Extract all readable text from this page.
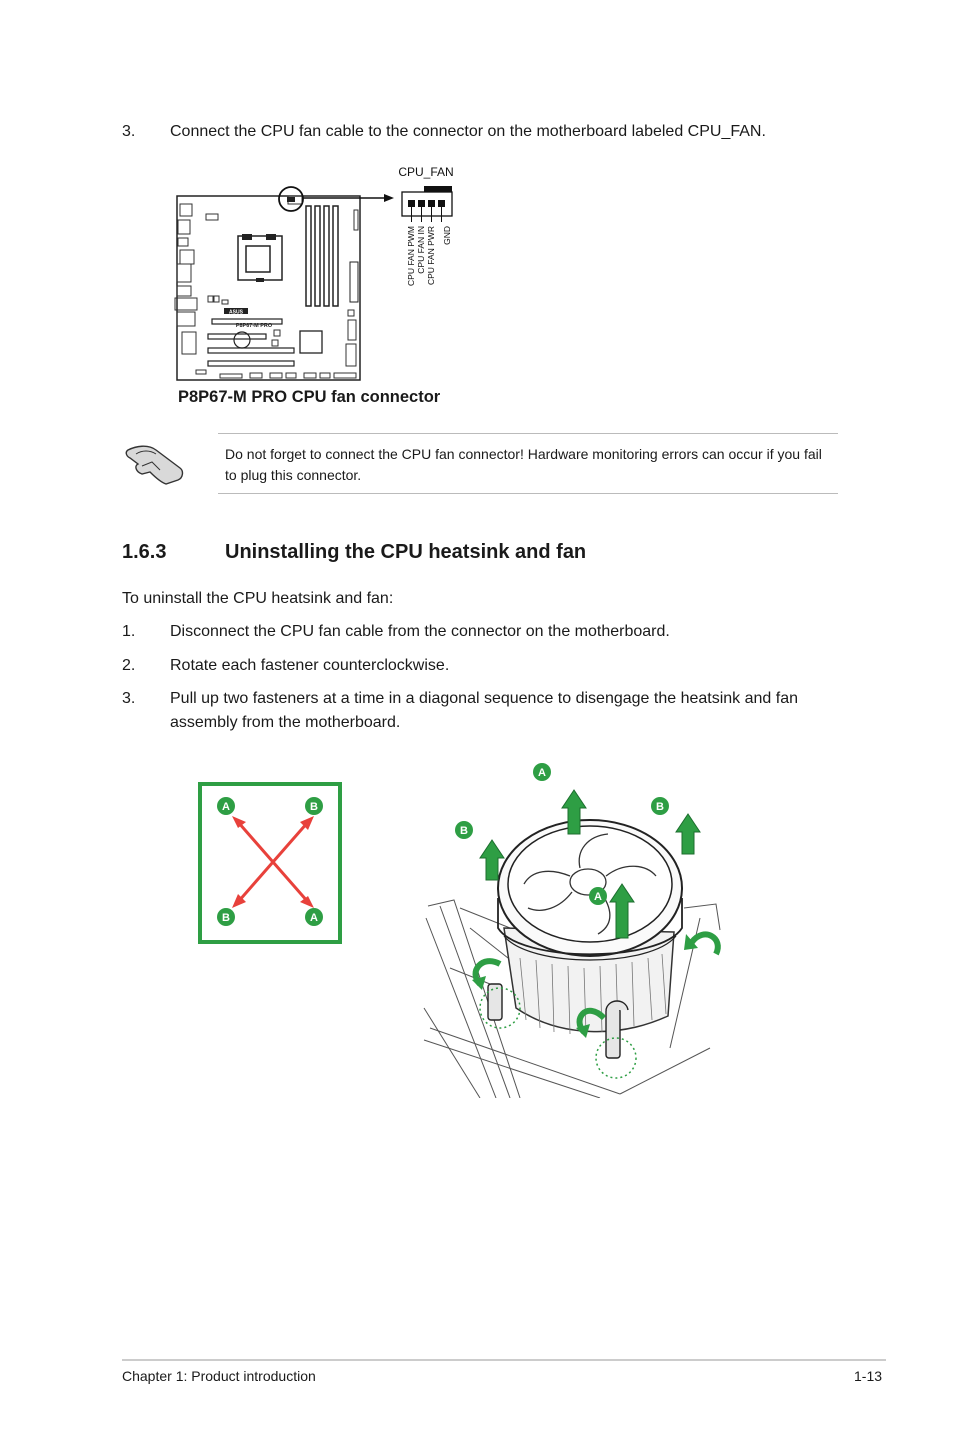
3. Connect the CPU fan cable to the connector on the motherboard labeled CPU_FAN.
ASUS
P8P67-M PRO
CPU_FAN
CPU FAN PWM CPU FAN IN CPU FAN PWR GND
P8P67-M PRO CPU fan connector
Do not forget to connect the CPU fan connector! Hardware monitoring errors can occur if you fail to plug this connector.
1.6.3	Uninstalling the CPU heatsink and fan
To uninstall the CPU heatsink and fan:
1. Disconnect the CPU fan cable from the connector on the motherboard.
2. Rotate each fastener counterclockwise.
3. Pull up two fasteners at a time in a diagonal sequence to disengage the heatsink and fan assembly from the motherboard.
A	B
B	A
A
B
B
A
Chapter 1: Product introduction	1-13
